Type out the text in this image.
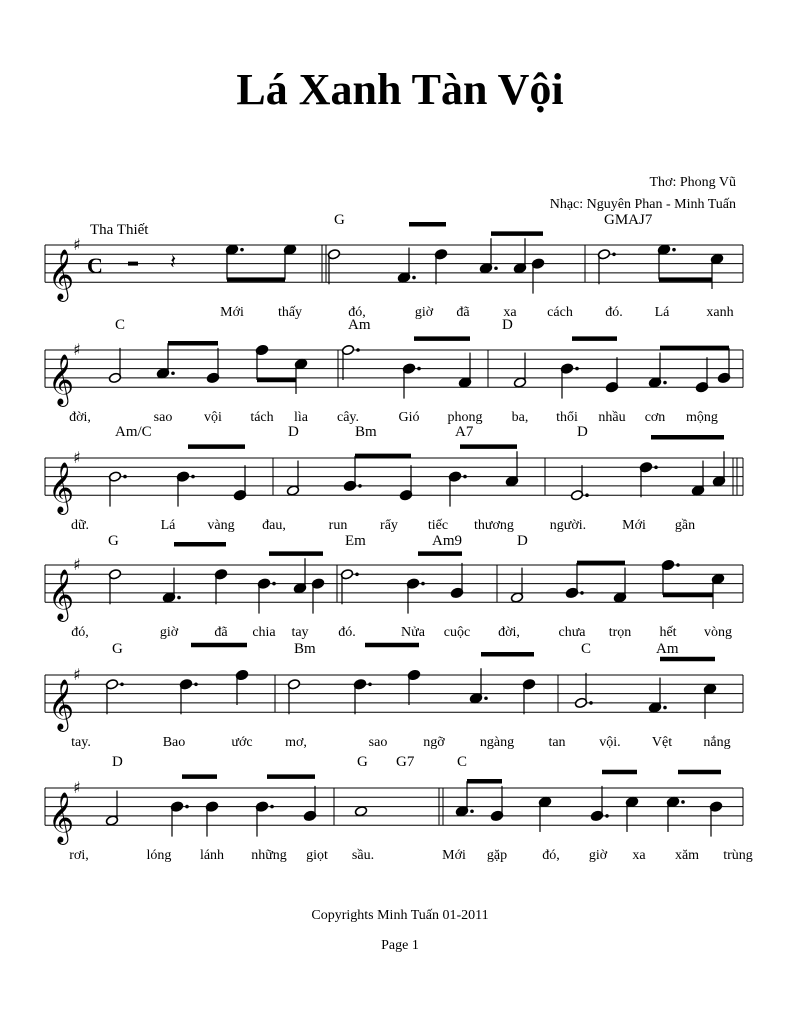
Lá Xanh Tàn Vội
Thơ: Phong Vũ
Nhạc: Nguyên Phan - Minh Tuấn
Tha Thiết
𝄞
♯
C
G	GMAJ7
Mới thấy	đó,	giờ đã xa cách đó. Lá	xanh
𝄞
♯
C	Am	D
đời,	sao vội tách lìa cây.	Gió phong ba, thổi nhầu cơn mộng
𝄞
♯
Am/C	D	Bm	A7	D
dữ.	Lá vàng đau,	run rẩy tiếc thương	người.	Mới gần
𝄞
♯
G	Em	Am9	D
đó,	giờ	đã chia tay đó.	Nửa cuộc đời,	chưa trọn hết vòng
𝄞
♯
G	Bm	C	Am
tay.	Bao	ước mơ,	sao	ngỡ	ngàng tan vội. Vệt nắng
𝄞
♯
D	G G7	C
rơi,	lóng lánh những giọt sầu.	Mới gặp	đó, giờ xa xăm trùng
𝄽
Copyrights Minh Tuấn 01-2011
Page 1
